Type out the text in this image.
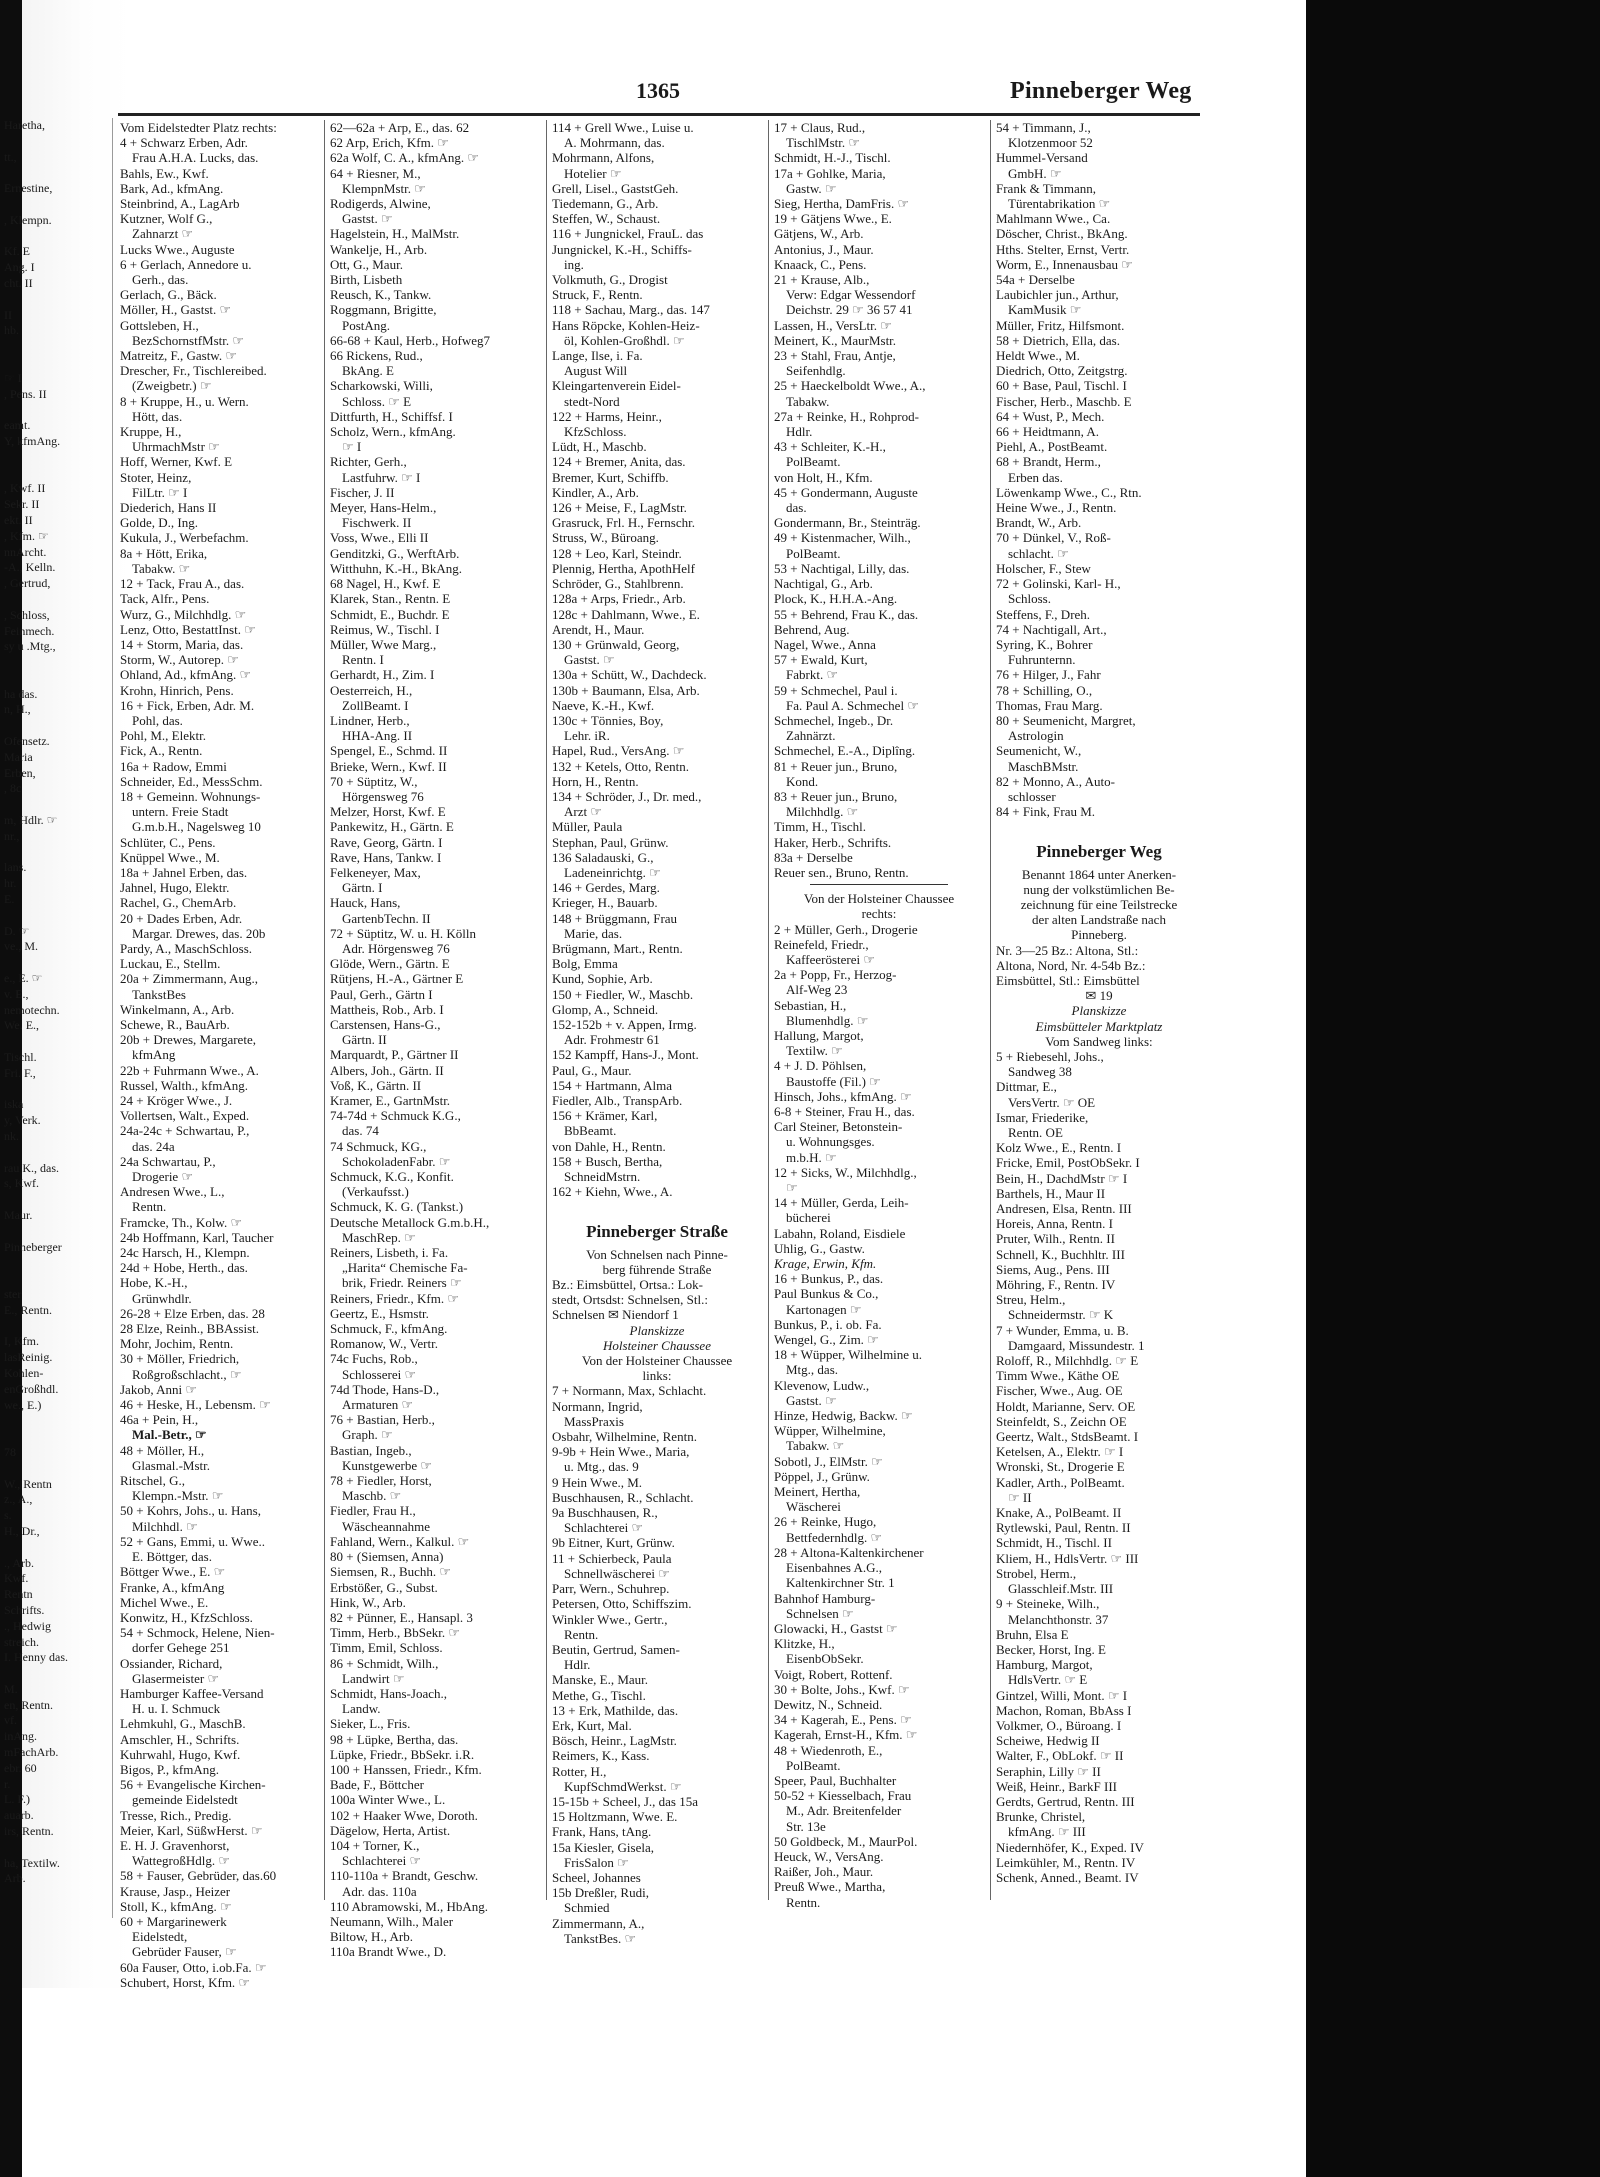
Haretha,

tt.,

Ernestine,

, Klempn.

Kf. E
Ang. I
cht. II

II
hb.

☞ I
, Pens. II

eamt.
Y, kfmAng.

, Kwf. II
Sekr. II
ekt. II
, Kfm. ☞
nnArcht.
-A., Kelln.
, Gertrud,

, Schloss,
Feinmech.
sy u .Mtg.,

ha das.
n, H.,

Ofensetz.
Maria
Erben,
, 8c

m, Hdlr. ☞
nr.,

lans.
hr.
E.

D. ☞
ve., M.

e., E. ☞
v. E.,
nemotechn.
We. E.,

Tischl.
Fri. F.,

iska
y, Verk.
nk.

rau K., das.
s, Kwf.

Maur.

Pinneberger

ster
E., Rentn.

I, Kfm.
lasReinig.
Kohlen-
enGroßhdl.
we., E.)

78

W., Rentn
z., A.,
s.
H., Dr.,

., Arb.
Kwf.
Rentn
Schrifts.
., Hedwig
streich.
I. Henny das.

M.
en, Rentn.
vf.
inAng.
mFachArb.
ebr. 60
r.
L. F.)
auarb.
irs, Rentn.

ha, Textilw.
Arb.
1365	Pinneberger Weg
Vom Eidelstedter Platz rechts:
4 + Schwarz Erben, Adr.
Frau A.H.A. Lucks, das.
Bahls, Ew., Kwf.
Bark, Ad., kfmAng.
Steinbrind, A., LagArb
Kutzner, Wolf G.,
Zahnarzt ☞
Lucks Wwe., Auguste
6 + Gerlach, Annedore u.
Gerh., das.
Gerlach, G., Bäck.
Möller, H., Gastst. ☞
Gottsleben, H.,
BezSchornstfMstr. ☞
Matreitz, F., Gastw. ☞
Drescher, Fr., Tischlereibed.
(Zweigbetr.) ☞
8 + Kruppe, H., u. Wern.
Hött, das.
Kruppe, H.,
UhrmachMstr ☞
Hoff, Werner, Kwf. E
Stoter, Heinz,
FilLtr. ☞ I
Diederich, Hans II
Golde, D., Ing.
Kukula, J., Werbefachm.
8a + Hött, Erika,
Tabakw. ☞
12 + Tack, Frau A., das.
Tack, Alfr., Pens.
Wurz, G., Milchhdlg. ☞
Lenz, Otto, BestattInst. ☞
14 + Storm, Maria, das.
Storm, W., Autorep. ☞
Ohland, Ad., kfmAng. ☞
Krohn, Hinrich, Pens.
16 + Fick, Erben, Adr. M.
Pohl, das.
Pohl, M., Elektr.
Fick, A., Rentn.
16a + Radow, Emmi
Schneider, Ed., MessSchm.
18 + Gemeinn. Wohnungs-
untern. Freie Stadt
G.m.b.H., Nagelsweg 10
Schlüter, C., Pens.
Knüppel Wwe., M.
18a + Jahnel Erben, das.
Jahnel, Hugo, Elektr.
Rachel, G., ChemArb.
20 + Dades Erben, Adr.
Margar. Drewes, das. 20b
Pardy, A., MaschSchloss.
Luckau, E., Stellm.
20a + Zimmermann, Aug.,
TankstBes
Winkelmann, A., Arb.
Schewe, R., BauArb.
20b + Drewes, Margarete,
kfmAng
22b + Fuhrmann Wwe., A.
Russel, Walth., kfmAng.
24 + Kröger Wwe., J.
Vollertsen, Walt., Exped.
24a-24c + Schwartau, P.,
das. 24a
24a Schwartau, P.,
Drogerie ☞
Andresen Wwe., L.,
Rentn.
Framcke, Th., Kolw. ☞
24b Hoffmann, Karl, Taucher
24c Harsch, H., Klempn.
24d + Hobe, Herth., das.
Hobe, K.-H.,
Grünwhdlr.
26-28 + Elze Erben, das. 28
28 Elze, Reinh., BBAssist.
Mohr, Jochim, Rentn.
30 + Möller, Friedrich,
Roßgroßschlacht., ☞
Jakob, Anni ☞
46 + Heske, H., Lebensm. ☞
46a + Pein, H.,
Mal.-Betr., ☞
48 + Möller, H.,
Glasmal.-Mstr.
Ritschel, G.,
Klempn.-Mstr. ☞
50 + Kohrs, Johs., u. Hans,
Milchhdl. ☞
52 + Gans, Emmi, u. Wwe..
E. Böttger, das.
Böttger Wwe., E. ☞
Franke, A., kfmAng
Michel Wwe., E.
Konwitz, H., KfzSchloss.
54 + Schmock, Helene, Nien-
dorfer Gehege 251
Ossiander, Richard,
Glasermeister ☞
Hamburger Kaffee-Versand
H. u. I. Schmuck
Lehmkuhl, G., MaschB.
Amschler, H., Schrifts.
Kuhrwahl, Hugo, Kwf.
Bigos, P., kfmAng.
56 + Evangelische Kirchen-
gemeinde Eidelstedt
Tresse, Rich., Predig.
Meier, Karl, SüßwHerst. ☞
E. H. J. Gravenhorst,
WattegroßHdlg. ☞
58 + Fauser, Gebrüder, das.60
Krause, Jasp., Heizer
Stoll, K., kfmAng. ☞
60 + Margarinewerk
Eidelstedt,
Gebrüder Fauser, ☞
60a Fauser, Otto, i.ob.Fa. ☞
Schubert, Horst, Kfm. ☞
62—62a + Arp, E., das. 62
62 Arp, Erich, Kfm. ☞
62a Wolf, C. A., kfmAng. ☞
64 + Riesner, M.,
KlempnMstr. ☞
Rodigerds, Alwine,
Gastst. ☞
Hagelstein, H., MalMstr.
Wankelje, H., Arb.
Ott, G., Maur.
Birth, Lisbeth
Reusch, K., Tankw.
Roggmann, Brigitte,
PostAng.
66-68 + Kaul, Herb., Hofweg7
66 Rickens, Rud.,
BkAng. E
Scharkowski, Willi,
Schloss. ☞ E
Dittfurth, H., Schiffsf. I
Scholz, Wern., kfmAng.
☞ I
Richter, Gerh.,
Lastfuhrw. ☞ I
Fischer, J. II
Meyer, Hans-Helm.,
Fischwerk. II
Voss, Wwe., Elli II
Genditzki, G., WerftArb.
Witthuhn, K.-H., BkAng.
68 Nagel, H., Kwf. E
Klarek, Stan., Rentn. E
Schmidt, E., Buchdr. E
Reimus, W., Tischl. I
Müller, Wwe Marg.,
Rentn. I
Gerhardt, H., Zim. I
Oesterreich, H.,
ZollBeamt. I
Lindner, Herb.,
HHA-Ang. II
Spengel, E., Schmd. II
Brieke, Wern., Kwf. II
70 + Süptitz, W.,
Hörgensweg 76
Melzer, Horst, Kwf. E
Pankewitz, H., Gärtn. E
Rave, Georg, Gärtn. I
Rave, Hans, Tankw. I
Felkeneyer, Max,
Gärtn. I
Hauck, Hans,
GartenbTechn. II
72 + Süptitz, W. u. H. Kölln
Adr. Hörgensweg 76
Glöde, Wern., Gärtn. E
Rütjens, H.-A., Gärtner E
Paul, Gerh., Gärtn I
Mattheis, Rob., Arb. I
Carstensen, Hans-G.,
Gärtn. II
Marquardt, P., Gärtner II
Albers, Joh., Gärtn. II
Voß, K., Gärtn. II
Kramer, E., GartnMstr.
74-74d + Schmuck K.G.,
das. 74
74 Schmuck, KG.,
SchokoladenFabr. ☞
Schmuck, K.G., Konfit.
(Verkaufsst.)
Schmuck, K. G. (Tankst.)
Deutsche Metallock G.m.b.H.,
MaschRep. ☞
Reiners, Lisbeth, i. Fa.
„Harita“ Chemische Fa-
brik, Friedr. Reiners ☞
Reiners, Friedr., Kfm. ☞
Geertz, E., Hsmstr.
Schmuck, F., kfmAng.
Romanow, W., Vertr.
74c Fuchs, Rob.,
Schlosserei ☞
74d Thode, Hans-D.,
Armaturen ☞
76 + Bastian, Herb.,
Graph. ☞
Bastian, Ingeb.,
Kunstgewerbe ☞
78 + Fiedler, Horst,
Maschb. ☞
Fiedler, Frau H.,
Wäscheannahme
Fahland, Wern., Kalkul. ☞
80 + (Siemsen, Anna)
Siemsen, R., Buchh. ☞
Erbstößer, G., Subst.
Hink, W., Arb.
82 + Pünner, E., Hansapl. 3
Timm, Herb., BbSekr. ☞
Timm, Emil, Schloss.
86 + Schmidt, Wilh.,
Landwirt ☞
Schmidt, Hans-Joach.,
Landw.
Sieker, L., Fris.
98 + Lüpke, Bertha, das.
Lüpke, Friedr., BbSekr. i.R.
100 + Hanssen, Friedr., Kfm.
Bade, F., Böttcher
100a Winter Wwe., L.
102 + Haaker Wwe, Doroth.
Dägelow, Herta, Artist.
104 + Torner, K.,
Schlachterei ☞
110-110a + Brandt, Geschw.
Adr. das. 110a
110 Abramowski, M., HbAng.
Neumann, Wilh., Maler
Biltow, H., Arb.
110a Brandt Wwe., D.
114 + Grell Wwe., Luise u.
A. Mohrmann, das.
Mohrmann, Alfons,
Hotelier ☞
Grell, Lisel., GaststGeh.
Tiedemann, G., Arb.
Steffen, W., Schaust.
116 + Jungnickel, FrauL. das
Jungnickel, K.-H., Schiffs-
ing.
Volkmuth, G., Drogist
Struck, F., Rentn.
118 + Sachau, Marg., das. 147
Hans Röpcke, Kohlen-Heiz-
öl, Kohlen-Großhdl. ☞
Lange, Ilse, i. Fa.
August Will
Kleingartenverein Eidel-
stedt-Nord
122 + Harms, Heinr.,
KfzSchloss.
Lüdt, H., Maschb.
124 + Bremer, Anita, das.
Bremer, Kurt, Schiffb.
Kindler, A., Arb.
126 + Meise, F., LagMstr.
Grasruck, Frl. H., Fernschr.
Struss, W., Büroang.
128 + Leo, Karl, Steindr.
Plennig, Hertha, ApothHelf
Schröder, G., Stahlbrenn.
128a + Arps, Friedr., Arb.
128c + Dahlmann, Wwe., E.
Arendt, H., Maur.
130 + Grünwald, Georg,
Gastst. ☞
130a + Schütt, W., Dachdeck.
130b + Baumann, Elsa, Arb.
Naeve, K.-H., Kwf.
130c + Tönnies, Boy,
Lehr. iR.
Hapel, Rud., VersAng. ☞
132 + Ketels, Otto, Rentn.
Horn, H., Rentn.
134 + Schröder, J., Dr. med.,
Arzt ☞
Müller, Paula
Stephan, Paul, Grünw.
136 Saladauski, G.,
Ladeneinrichtg. ☞
146 + Gerdes, Marg.
Krieger, H., Bauarb.
148 + Brüggmann, Frau
Marie, das.
Brügmann, Mart., Rentn.
Bolg, Emma
Kund, Sophie, Arb.
150 + Fiedler, W., Maschb.
Glomp, A., Schneid.
152-152b + v. Appen, Irmg.
Adr. Frohmestr 61
152 Kampff, Hans-J., Mont.
Paul, G., Maur.
154 + Hartmann, Alma
Fiedler, Alb., TranspArb.
156 + Krämer, Karl,
BbBeamt.
von Dahle, H., Rentn.
158 + Busch, Bertha,
SchneidMstrn.
162 + Kiehn, Wwe., A.

Pinneberger Straße
Von Schnelsen nach Pinne-
berg führende Straße
Bz.: Eimsbüttel, Ortsa.: Lok-
stedt, Ortsdst: Schnelsen, Stl.:
Schnelsen ✉ Niendorf 1
Planskizze
Holsteiner Chaussee
Von der Holsteiner Chaussee
links:
7 + Normann, Max, Schlacht.
Normann, Ingrid,
MassPraxis
Osbahr, Wilhelmine, Rentn.
9-9b + Hein Wwe., Maria,
u. Mtg., das. 9
9 Hein Wwe., M.
Buschhausen, R., Schlacht.
9a Buschhausen, R.,
Schlachterei ☞
9b Eitner, Kurt, Grünw.
11 + Schierbeck, Paula
Schnellwäscherei ☞
Parr, Wern., Schuhrep.
Petersen, Otto, Schiffszim.
Winkler Wwe., Gertr.,
Rentn.
Beutin, Gertrud, Samen-
Hdlr.
Manske, E., Maur.
Methe, G., Tischl.
13 + Erk, Mathilde, das.
Erk, Kurt, Mal.
Bösch, Heinr., LagMstr.
Reimers, K., Kass.
Rotter, H.,
KupfSchmdWerkst. ☞
15-15b + Scheel, J., das 15a
15 Holtzmann, Wwe. E.
Frank, Hans, tAng.
15a Kiesler, Gisela,
FrisSalon ☞
Scheel, Johannes
15b Dreßler, Rudi,
Schmied
Zimmermann, A.,
TankstBes. ☞
17 + Claus, Rud.,
TischlMstr. ☞
Schmidt, H.-J., Tischl.
17a + Gohlke, Maria,
Gastw. ☞
Sieg, Hertha, DamFris. ☞
19 + Gätjens Wwe., E.
Gätjens, W., Arb.
Antonius, J., Maur.
Knaack, C., Pens.
21 + Krause, Alb.,
Verw: Edgar Wessendorf
Deichstr. 29 ☞ 36 57 41
Lassen, H., VersLtr. ☞
Meinert, K., MaurMstr.
23 + Stahl, Frau, Antje,
Seifenhdlg.
25 + Haeckelboldt Wwe., A.,
Tabakw.
27a + Reinke, H., Rohprod-
Hdlr.
43 + Schleiter, K.-H.,
PolBeamt.
von Holt, H., Kfm.
45 + Gondermann, Auguste
das.
Gondermann, Br., Steinträg.
49 + Kistenmacher, Wilh.,
PolBeamt.
53 + Nachtigal, Lilly, das.
Nachtigal, G., Arb.
Plock, K., H.H.A.-Ang.
55 + Behrend, Frau K., das.
Behrend, Aug.
Nagel, Wwe., Anna
57 + Ewald, Kurt,
Fabrkt. ☞
59 + Schmechel, Paul i.
Fa. Paul A. Schmechel ☞
Schmechel, Ingeb., Dr.
Zahnärzt.
Schmechel, E.-A., Diplîng.
81 + Reuer jun., Bruno,
Kond.
83 + Reuer jun., Bruno,
Milchhdlg. ☞
Timm, H., Tischl.
Haker, Herb., Schrifts.
83a + Derselbe
Reuer sen., Bruno, Rentn.
Von der Holsteiner Chaussee
rechts:
2 + Müller, Gerh., Drogerie
Reinefeld, Friedr.,
Kaffeerösterei ☞
2a + Popp, Fr., Herzog-
Alf-Weg 23
Sebastian, H.,
Blumenhdlg. ☞
Hallung, Margot,
Textilw. ☞
4 + J. D. Pöhlsen,
Baustoffe (Fil.) ☞
Hinsch, Johs., kfmAng. ☞
6-8 + Steiner, Frau H., das.
Carl Steiner, Betonstein-
u. Wohnungsges.
m.b.H. ☞
12 + Sicks, W., Milchhdlg.,
☞
14 + Müller, Gerda, Leih-
bücherei
Labahn, Roland, Eisdiele
Uhlig, G., Gastw.
Krage, Erwin, Kfm.
16 + Bunkus, P., das.
Paul Bunkus & Co.,
Kartonagen ☞
Bunkus, P., i. ob. Fa.
Wengel, G., Zim. ☞
18 + Wüpper, Wilhelmine u.
Mtg., das.
Klevenow, Ludw.,
Gastst. ☞
Hinze, Hedwig, Backw. ☞
Wüpper, Wilhelmine,
Tabakw. ☞
Sobotl, J., ElMstr. ☞
Pöppel, J., Grünw.
Meinert, Hertha,
Wäscherei
26 + Reinke, Hugo,
Bettfedernhdlg. ☞
28 + Altona-Kaltenkirchener
Eisenbahnes A.G.,
Kaltenkirchner Str. 1
Bahnhof Hamburg-
Schnelsen ☞
Glowacki, H., Gastst ☞
Klitzke, H.,
EisenbObSekr.
Voigt, Robert, Rottenf.
30 + Bolte, Johs., Kwf. ☞
Dewitz, N., Schneid.
34 + Kagerah, E., Pens. ☞
Kagerah, Ernst-H., Kfm. ☞
48 + Wiedenroth, E.,
PolBeamt.
Speer, Paul, Buchhalter
50-52 + Kiesselbach, Frau
M., Adr. Breitenfelder
Str. 13e
50 Goldbeck, M., MaurPol.
Heuck, W., VersAng.
Raißer, Joh., Maur.
Preuß Wwe., Martha,
Rentn.
54 + Timmann, J.,
Klotzenmoor 52
Hummel-Versand
GmbH. ☞
Frank & Timmann,
Türentabrikation ☞
Mahlmann Wwe., Ca.
Döscher, Christ., BkAng.
Hths. Stelter, Ernst, Vertr.
Worm, E., Innenausbau ☞
54a + Derselbe
Laubichler jun., Arthur,
KamMusik ☞
Müller, Fritz, Hilfsmont.
58 + Dietrich, Ella, das.
Heldt Wwe., M.
Diedrich, Otto, Zeitgstrg.
60 + Base, Paul, Tischl. I
Fischer, Herb., Maschb. E
64 + Wust, P., Mech.
66 + Heidtmann, A.
Piehl, A., PostBeamt.
68 + Brandt, Herm.,
Erben das.
Löwenkamp Wwe., C., Rtn.
Heine Wwe., J., Rentn.
Brandt, W., Arb.
70 + Dünkel, V., Roß-
schlacht. ☞
Holscher, F., Stew
72 + Golinski, Karl- H.,
Schloss.
Steffens, F., Dreh.
74 + Nachtigall, Art.,
Syring, K., Bohrer
Fuhrunternn.
76 + Hilger, J., Fahr
78 + Schilling, O.,
Thomas, Frau Marg.
80 + Seumenicht, Margret,
Astrologin
Seumenicht, W.,
MaschBMstr.
82 + Monno, A., Auto-
schlosser
84 + Fink, Frau M.

Pinneberger Weg
Benannt 1864 unter Anerken-
nung der volkstümlichen Be-
zeichnung für eine Teilstrecke
der alten Landstraße nach
Pinneberg.
Nr. 3—25 Bz.: Altona, Stl.:
Altona, Nord, Nr. 4-54b Bz.:
Eimsbüttel, Stl.: Eimsbüttel
✉ 19
Planskizze
Eimsbütteler Marktplatz
Vom Sandweg links:
5 + Riebesehl, Johs.,
Sandweg 38
Dittmar, E.,
VersVertr. ☞ OE
Ismar, Friederike,
Rentn. OE
Kolz Wwe., E., Rentn. I
Fricke, Emil, PostObSekr. I
Bein, H., DachdMstr ☞ I
Barthels, H., Maur II
Andresen, Elsa, Rentn. III
Horeis, Anna, Rentn. I
Pruter, Wilh., Rentn. II
Schnell, K., Buchhltr. III
Siems, Aug., Pens. III
Möhring, F., Rentn. IV
Streu, Helm.,
Schneidermstr. ☞ K
7 + Wunder, Emma, u. B.
Damgaard, Missundestr. 1
Roloff, R., Milchhdlg. ☞ E
Timm Wwe., Käthe OE
Fischer, Wwe., Aug. OE
Holdt, Marianne, Serv. OE
Steinfeldt, S., Zeichn OE
Geertz, Walt., StdsBeamt. I
Ketelsen, A., Elektr. ☞ I
Wronski, St., Drogerie E
Kadler, Arth., PolBeamt.
☞ II
Knake, A., PolBeamt. II
Rytlewski, Paul, Rentn. II
Schmidt, H., Tischl. II
Kliem, H., HdlsVertr. ☞ III
Strobel, Herm.,
Glasschleif.Mstr. III
9 + Steineke, Wilh.,
Melanchthonstr. 37
Bruhn, Elsa E
Becker, Horst, Ing. E
Hamburg, Margot,
HdlsVertr. ☞ E
Gintzel, Willi, Mont. ☞ I
Machon, Roman, BbAss I
Volkmer, O., Büroang. I
Scheiwe, Hedwig II
Walter, F., ObLokf. ☞ II
Seraphin, Lilly ☞ II
Weiß, Heinr., BarkF III
Gerdts, Gertrud, Rentn. III
Brunke, Christel,
kfmAng. ☞ III
Niedernhöfer, K., Exped. IV
Leimkühler, M., Rentn. IV
Schenk, Anned., Beamt. IV
